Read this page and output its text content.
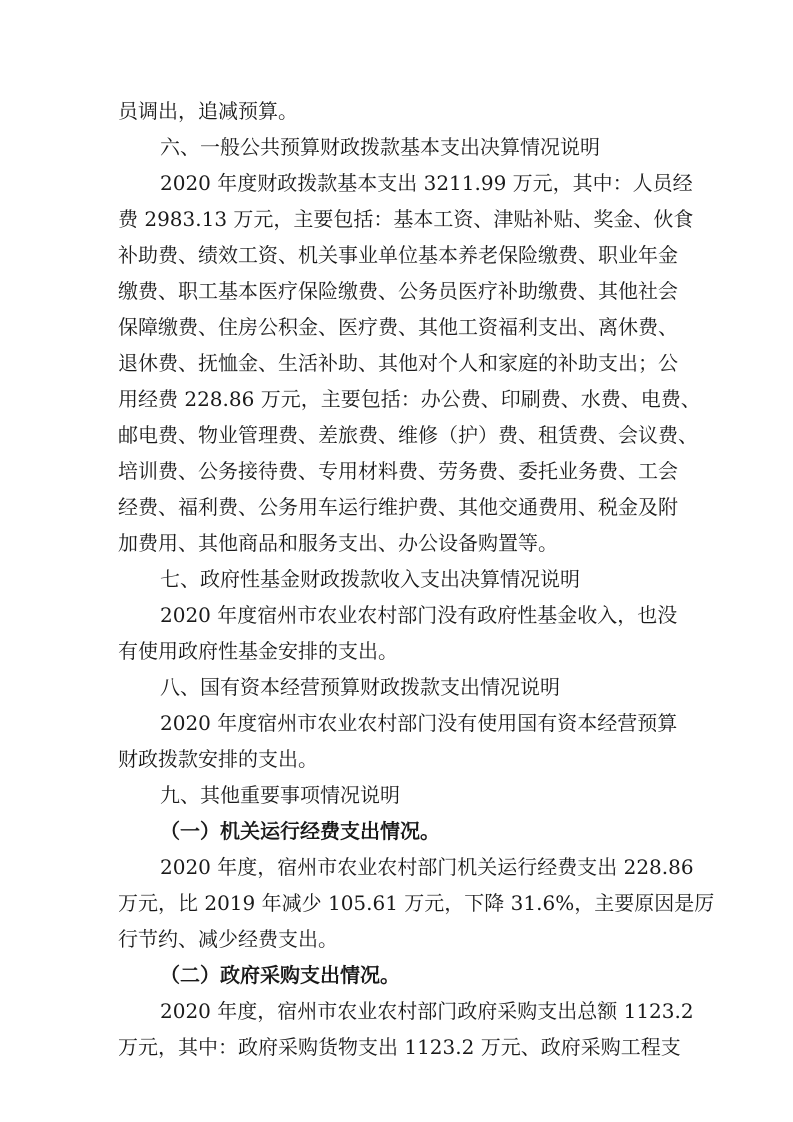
员调出，追减预算。
六、一般公共预算财政拨款基本支出决算情况说明
2020 年度财政拨款基本支出 3211.99 万元，其中：人员经
费 2983.13 万元，主要包括：基本工资、津贴补贴、奖金、伙食
补助费、绩效工资、机关事业单位基本养老保险缴费、职业年金
缴费、职工基本医疗保险缴费、公务员医疗补助缴费、其他社会
保障缴费、住房公积金、医疗费、其他工资福利支出、离休费、
退休费、抚恤金、生活补助、其他对个人和家庭的补助支出；公
用经费 228.86 万元，主要包括：办公费、印刷费、水费、电费、
邮电费、物业管理费、差旅费、维修（护）费、租赁费、会议费、
培训费、公务接待费、专用材料费、劳务费、委托业务费、工会
经费、福利费、公务用车运行维护费、其他交通费用、税金及附
加费用、其他商品和服务支出、办公设备购置等。
七、政府性基金财政拨款收入支出决算情况说明
2020 年度宿州市农业农村部门没有政府性基金收入，也没
有使用政府性基金安排的支出。
八、国有资本经营预算财政拨款支出情况说明
2020 年度宿州市农业农村部门没有使用国有资本经营预算
财政拨款安排的支出。
九、其他重要事项情况说明
（一）机关运行经费支出情况。
2020 年度，宿州市农业农村部门机关运行经费支出 228.86
万元，比 2019 年减少 105.61 万元，下降 31.6%，主要原因是厉
行节约、减少经费支出。
（二）政府采购支出情况。
2020 年度，宿州市农业农村部门政府采购支出总额 1123.2
万元，其中：政府采购货物支出 1123.2 万元、政府采购工程支
